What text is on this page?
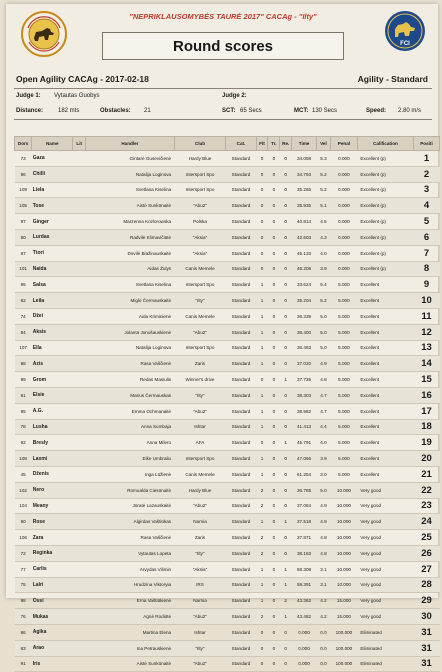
FCI
"NEPRIKLAUSOMYBĖS TAURĖ 2017" CACAg - "Ilty"
Round scores
Open Agility CACAg - 2017-02-18	Agility - Standard
Judge 1: Vytautas Guobys	Judge 2:
Distance: 182 mts	Obstacles: 21	SCT: 65 Secs	MCT: 130 Secs	Speed: 2.80 m/s
Dors	Name	Lit	Handler	Club	Cat.	Flt	Tr.	Re.	Time	Vel	Penal	Calification	Positi
73	Gaza		Gintarė Gusevičienė	Hardy Blue	Standard	0	0	0	34.058	5.3	0.000	Excellent (p)	1
96	Chilli		Natalija Loginova	Intersport Spo	Standard	0	0	0	34.793	5.2	0.000	Excellent (p)	2
109	Liela		Svetlana Kiselina	Intersport Spo	Standard	0	0	0	35.265	5.2	0.000	Excellent (p)	3
105	Tose		Aistė Sunkūnaitė	"Abu2"	Standard	0	0	0	35.935	5.1	0.000	Excellent (p)	4
97	Ginger		Marzenna Kozlorowska	Polska	Standard	0	0	0	40.814	4.5	0.000	Excellent (p)	5
80	Lurdas		Radvilė Klimavičiūtė	"Aksia"	Standard	0	0	0	42.603	4.3	0.000	Excellent (p)	6
87	Ttori		Dovilė Blažinauskaitė	"Aksia"	Standard	0	0	0	45.133	4.0	0.000	Excellent (p)	7
101	Naida		Aidas Žulys	Canis Memele	Standard	0	0	0	46.208	3.9	0.000	Excellent (p)	8
95	Salsa		Svetlana Kiselina	Intersport Spo	Standard	1	0	0	33.624	5.4	5.000	Excellent	9
82	Leila		Miglė Čermauskaitė	"Ilty"	Standard	1	0	0	35.204	5.2	5.000	Excellent	10
74	Džei		Aida Kriminienė	Canis Memele	Standard	1	0	0	36.339	5.0	5.000	Excellent	11
84	Aksis		Jolanta Jonušauskienė	"Abu2"	Standard	1	0	0	36.400	5.0	5.000	Excellent	12
107	Ella		Natalija Loginova	Intersport Spo	Standard	1	0	0	36.463	5.0	5.000	Excellent	13
88	Azis		Rasa Vaščienė	Zaris	Standard	1	0	0	37.020	4.9	5.000	Excellent	14
89	Grom		Redas Masiulis	Winner's drive	Standard	0	0	1	37.735	4.8	5.000	Excellent	15
81	Elsie		Marius Čermauskas	"Ilty"	Standard	1	0	0	38.303	4.7	5.000	Excellent	16
85	A.G.		Emma Ochmanaitė	"Abu2"	Standard	1	0	0	38.982	4.7	5.000	Excellent	17
78	Lusha		Anna Sumbaja	Ishtar	Standard	1	0	0	41.413	4.4	5.000	Excellent	18
92	Bresly		Anna Milero	AFA	Standard	0	0	1	45.791	4.0	5.000	Excellent	19
108	Laxmi		Eike Umbraliu	Intersport Spo	Standard	1	0	0	47.066	3.9	5.000	Excellent	20
45	Dženis		Inga Lūžienė	Canis Memele	Standard	1	0	0	61.254	3.0	5.000	Excellent	21
102	Nero		Romualda Ciesūnaitė	Hardy Blue	Standard	2	0	0	36.785	5.0	10.000	Very good	22
104	Meany		Jūratė Lazauskaitė	"Abu2"	Standard	2	0	0	37.084	4.9	10.000	Very good	23
90	Rose		Algirdas Vaštiūkas	Narnia	Standard	1	0	1	37.518	4.9	10.000	Very good	24
106	Zara		Rasa Vaščienė	Zaris	Standard	2	0	0	37.871	4.8	10.000	Very good	25
72	Reginka		Vytautas Lopeta	"Ilty"	Standard	2	0	0	38.163	4.8	10.000	Very good	26
77	Carlis		Arvydas Vilimin	"Aksia"	Standard	1	0	1	58.308	3.1	10.000	Very good	27
75	Lalri		Hrudzina Viktoryia	IRS	Standard	1	0	1	59.391	3.1	10.000	Very good	28
98	Ossi		Erna Vaštiūkienė	Narnia	Standard	1	0	2	43.362	4.2	15.000	Very good	29
76	Mukas		Agnė Rodiūtė	"Abu2"	Standard	2	0	1	43.482	4.2	15.000	Very good	30
86	Agika		Martina Elena	Ishtar	Standard	0	0	0	0.000	0.0	100.000	Eliminated	31
83	Arao		Ina Petrauskienė	"Ilty"	Standard	0	0	0	0.000	0.0	100.000	Eliminated	31
91	Iris		Aistė Sunkūnaitė	"Abu2"	Standard	0	0	0	0.000	0.0	100.000	Eliminated	31
